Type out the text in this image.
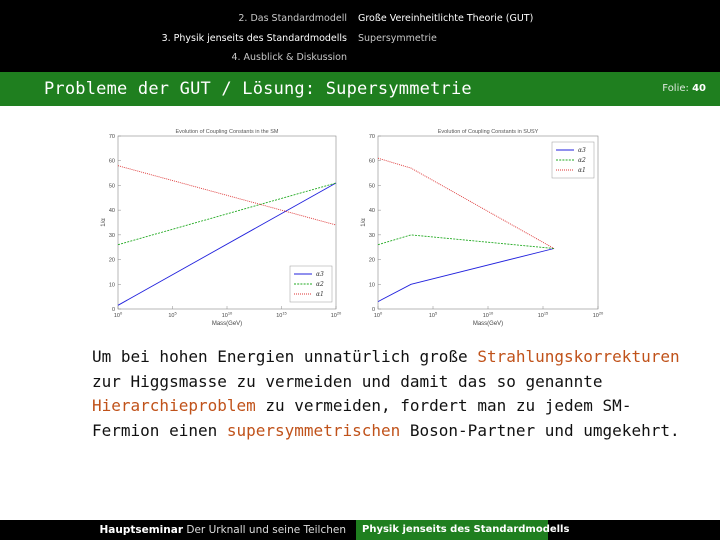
2. Das Standardmodell
3. Physik jenseits des Standardmodells
4. Ausblick & Diskussion
Große Vereinheitlichte Theorie (GUT)
Supersymmetrie
Probleme der GUT / Lösung: Supersymmetrie	Folie: 40
Evolution of Coupling Constants in the SM
0
10
20
30
40
50
60
70
$10^0$	$10^5$	$10^{10}$	$10^{15}$	$10^{20}$
Mass(GeV)
1/α
α3
α2
α1
Evolution of Coupling Constants in SUSY
0
10
20
30
40
50
60
70
$10^0$	$10^5$	$10^{10}$	$10^{15}$	$10^{20}$
Mass(GeV)
1/α
α3
α2
α1
Um bei hohen Energien unnatürlich große Strahlungskorrekturen zur Higgsmasse zu vermeiden und damit das so genannte Hierarchieproblem zu vermeiden, fordert man zu jedem SM-Fermion einen supersymmetrischen Boson-Partner und umgekehrt.
Hauptseminar Der Urknall und seine Teilchen	Physik jenseits des Standardmodells
